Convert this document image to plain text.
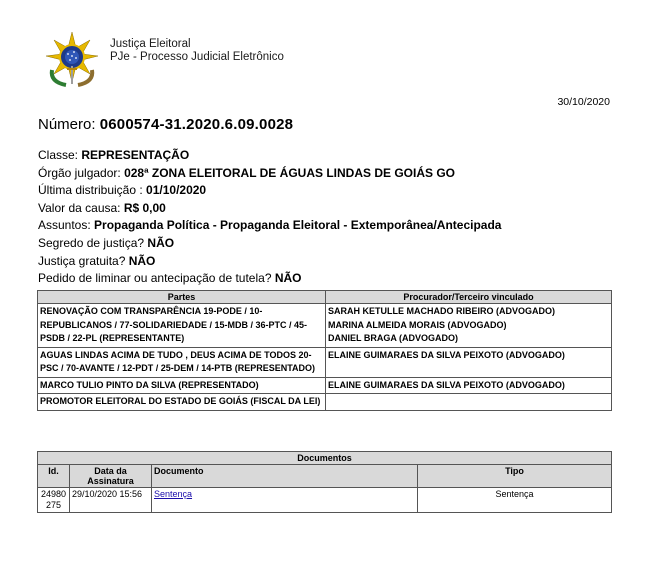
Justiça Eleitoral
PJe - Processo Judicial Eletrônico
30/10/2020
Número: 0600574-31.2020.6.09.0028
Classe: REPRESENTAÇÃO
Órgão julgador: 028ª ZONA ELEITORAL DE ÁGUAS LINDAS DE GOIÁS GO
Última distribuição : 01/10/2020
Valor da causa: R$ 0,00
Assuntos: Propaganda Política - Propaganda Eleitoral - Extemporânea/Antecipada
Segredo de justiça? NÃO
Justiça gratuita? NÃO
Pedido de liminar ou antecipação de tutela? NÃO
Partes	Procurador/Terceiro vinculado
RENOVAÇÃO COM TRANSPARÊNCIA 19-PODE / 10-REPUBLICANOS / 77-SOLIDARIEDADE / 15-MDB / 36-PTC / 45-PSDB / 22-PL (REPRESENTANTE)	SARAH KETULLE MACHADO RIBEIRO (ADVOGADO)
MARINA ALMEIDA MORAIS (ADVOGADO)
DANIEL BRAGA (ADVOGADO)

AGUAS LINDAS ACIMA DE TUDO , DEUS ACIMA DE TODOS 20-PSC / 70-AVANTE / 12-PDT / 25-DEM / 14-PTB (REPRESENTADO)	ELAINE GUIMARAES DA SILVA PEIXOTO (ADVOGADO)

MARCO TULIO PINTO DA SILVA (REPRESENTADO)	ELAINE GUIMARAES DA SILVA PEIXOTO (ADVOGADO)

PROMOTOR ELEITORAL DO ESTADO DE GOIÁS (FISCAL DA LEI)	
Documentos			
Id.	Data da Assinatura	Documento	Tipo
24980275	29/10/2020 15:56	Sentença	Sentença
